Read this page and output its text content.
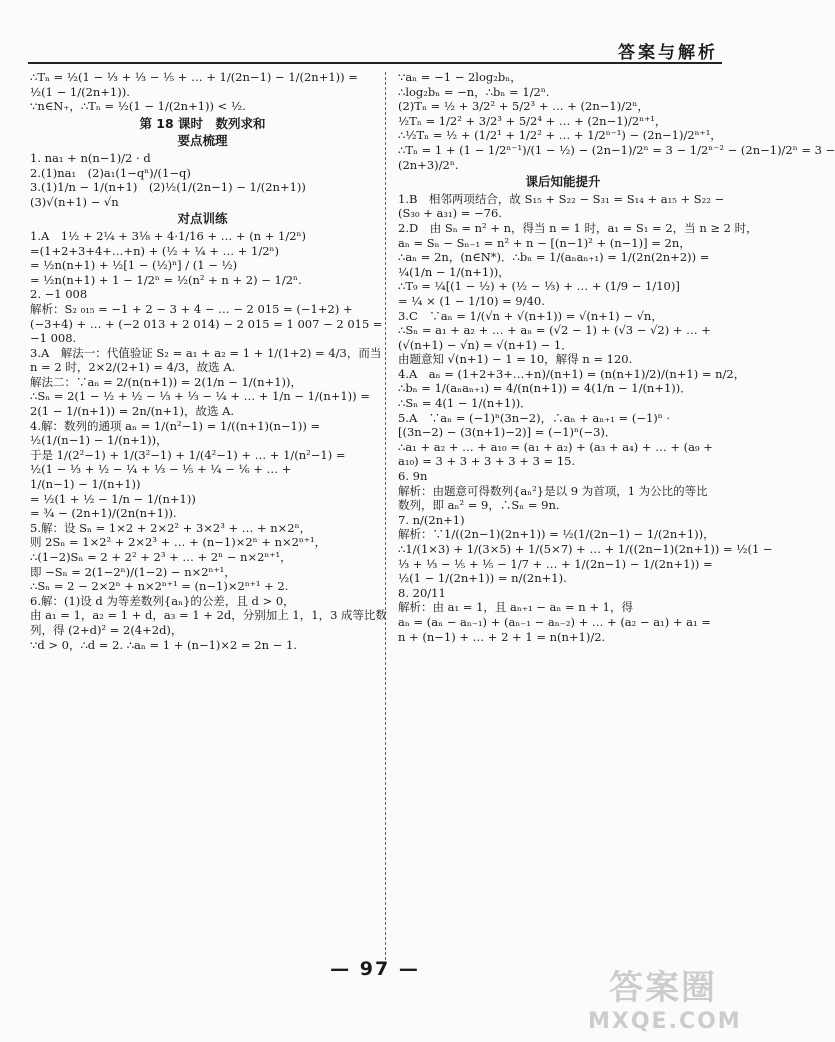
答案与解析
∴Tₙ = ½(1 − ⅓ + ⅓ − ⅕ + … + 1/(2n−1) − 1/(2n+1)) =
½(1 − 1/(2n+1)).
∵n∈N₊，∴Tₙ = ½(1 − 1/(2n+1)) < ½.
第 18 课时　数列求和
要点梳理
1. na₁ + n(n−1)/2 · d
2.(1)na₁　(2)a₁(1−qⁿ)/(1−q)
3.(1)1/n − 1/(n+1)　(2)½(1/(2n−1) − 1/(2n+1))
(3)√(n+1) − √n
对点训练
1.A　1½ + 2¼ + 3⅛ + 4·1/16 + … + (n + 1/2ⁿ)
=(1+2+3+4+…+n) + (½ + ¼ + … + 1/2ⁿ)
= ½n(n+1) + ½[1 − (½)ⁿ] / (1 − ½)
= ½n(n+1) + 1 − 1/2ⁿ = ½(n² + n + 2) − 1/2ⁿ.
2. −1 008
解析：S₂ ₀₁₅ = −1 + 2 − 3 + 4 − … − 2 015 = (−1+2) +
(−3+4) + … + (−2 013 + 2 014) − 2 015 = 1 007 − 2 015 =
−1 008.
3.A　解法一：代值验证 S₂ = a₁ + a₂ = 1 + 1/(1+2) = 4/3，而当
n = 2 时，2×2/(2+1) = 4/3，故选 A.
解法二：∵aₙ = 2/(n(n+1)) = 2(1/n − 1/(n+1))，
∴Sₙ = 2(1 − ½ + ½ − ⅓ + ⅓ − ¼ + … + 1/n − 1/(n+1)) =
2(1 − 1/(n+1)) = 2n/(n+1)，故选 A.
4.解：数列的通项 aₙ = 1/(n²−1) = 1/((n+1)(n−1)) =
½(1/(n−1) − 1/(n+1))，
于是 1/(2²−1) + 1/(3²−1) + 1/(4²−1) + … + 1/(n²−1) =
½(1 − ⅓ + ½ − ¼ + ⅓ − ⅕ + ¼ − ⅙ + … +
1/(n−1) − 1/(n+1))
= ½(1 + ½ − 1/n − 1/(n+1))
= ¾ − (2n+1)/(2n(n+1)).
5.解：设 Sₙ = 1×2 + 2×2² + 3×2³ + … + n×2ⁿ，
则 2Sₙ = 1×2² + 2×2³ + … + (n−1)×2ⁿ + n×2ⁿ⁺¹，
∴(1−2)Sₙ = 2 + 2² + 2³ + … + 2ⁿ − n×2ⁿ⁺¹，
即 −Sₙ = 2(1−2ⁿ)/(1−2) − n×2ⁿ⁺¹，
∴Sₙ = 2 − 2×2ⁿ + n×2ⁿ⁺¹ = (n−1)×2ⁿ⁺¹ + 2.
6.解：(1)设 d 为等差数列{aₙ}的公差，且 d > 0，
由 a₁ = 1，a₂ = 1 + d，a₃ = 1 + 2d，分别加上 1，1，3 成等比数
列，得 (2+d)² = 2(4+2d)，
∵d > 0，∴d = 2. ∴aₙ = 1 + (n−1)×2 = 2n − 1.
∵aₙ = −1 − 2log₂bₙ，
∴log₂bₙ = −n，∴bₙ = 1/2ⁿ.
(2)Tₙ = ½ + 3/2² + 5/2³ + … + (2n−1)/2ⁿ，
½Tₙ = 1/2² + 3/2³ + 5/2⁴ + … + (2n−1)/2ⁿ⁺¹，
∴½Tₙ = ½ + (1/2¹ + 1/2² + … + 1/2ⁿ⁻¹) − (2n−1)/2ⁿ⁺¹，
∴Tₙ = 1 + (1 − 1/2ⁿ⁻¹)/(1 − ½) − (2n−1)/2ⁿ = 3 − 1/2ⁿ⁻² − (2n−1)/2ⁿ = 3 −
(2n+3)/2ⁿ.
课后知能提升
1.B　相邻两项结合，故 S₁₅ + S₂₂ − S₃₁ = S₁₄ + a₁₅ + S₂₂ −
(S₃₀ + a₃₁) = −76.
2.D　由 Sₙ = n² + n，得当 n = 1 时，a₁ = S₁ = 2，当 n ≥ 2 时，
aₙ = Sₙ − Sₙ₋₁ = n² + n − [(n−1)² + (n−1)] = 2n，
∴aₙ = 2n，(n∈N*)．∴bₙ = 1/(aₙaₙ₊₁) = 1/(2n(2n+2)) =
¼(1/n − 1/(n+1))，
∴T₉ = ¼[(1 − ½) + (½ − ⅓) + … + (1/9 − 1/10)]
= ¼ × (1 − 1/10) = 9/40.
3.C　∵aₙ = 1/(√n + √(n+1)) = √(n+1) − √n，
∴Sₙ = a₁ + a₂ + … + aₙ = (√2 − 1) + (√3 − √2) + … +
(√(n+1) − √n) = √(n+1) − 1．
由题意知 √(n+1) − 1 = 10，解得 n = 120.
4.A　aₙ = (1+2+3+…+n)/(n+1) = (n(n+1)/2)/(n+1) = n/2，
∴bₙ = 1/(aₙaₙ₊₁) = 4/(n(n+1)) = 4(1/n − 1/(n+1))．
∴Sₙ = 4(1 − 1/(n+1))．
5.A　∵aₙ = (−1)ⁿ(3n−2)，∴aₙ + aₙ₊₁ = (−1)ⁿ ·
[(3n−2) − (3(n+1)−2)] = (−1)ⁿ(−3)．
∴a₁ + a₂ + … + a₁₀ = (a₁ + a₂) + (a₃ + a₄) + … + (a₉ +
a₁₀) = 3 + 3 + 3 + 3 + 3 = 15.
6. 9n
解析：由题意可得数列{aₙ²}是以 9 为首项，1 为公比的等比
数列，即 aₙ² = 9，∴Sₙ = 9n.
7. n/(2n+1)
解析：∵1/((2n−1)(2n+1)) = ½(1/(2n−1) − 1/(2n+1))，
∴1/(1×3) + 1/(3×5) + 1/(5×7) + … + 1/((2n−1)(2n+1)) = ½(1 −
⅓ + ⅓ − ⅕ + ⅕ − 1/7 + … + 1/(2n−1) − 1/(2n+1)) =
½(1 − 1/(2n+1)) = n/(2n+1).
8. 20/11
解析：由 a₁ = 1，且 aₙ₊₁ − aₙ = n + 1，得
aₙ = (aₙ − aₙ₋₁) + (aₙ₋₁ − aₙ₋₂) + … + (a₂ − a₁) + a₁ =
n + (n−1) + … + 2 + 1 = n(n+1)/2.
— 97 —	答案圈
MXQE.COM
